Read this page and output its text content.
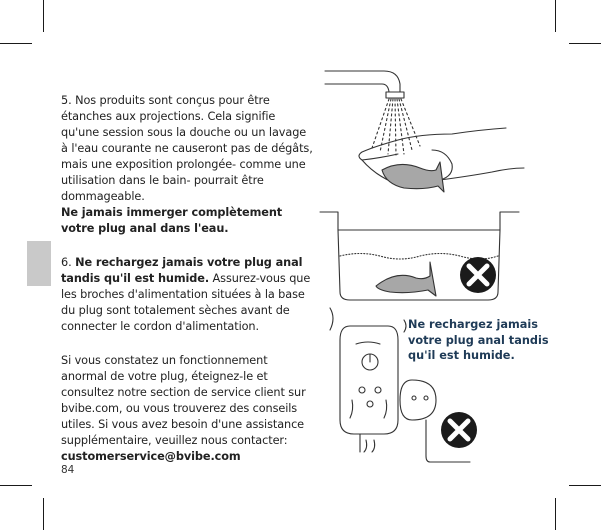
5. Nos produits sont conçus pour être étanches aux projections. Cela signifie qu'une session sous la douche ou un lavage à l'eau courante ne causeront pas de dégâts, mais une exposition prolongée- comme une utilisation dans le bain- pourrait être dommageable.
Ne jamais immerger complètement votre plug anal dans l'eau.

6. Ne rechargez jamais votre plug anal tandis qu'il est humide. Assurez-vous que les broches d'alimentation situées à la base du plug sont totalement sèches avant de connecter le cordon d'alimentation.

Si vous constatez un fonctionnement anormal de votre plug, éteignez-le et consultez notre section de service client sur bvibe.com, ou vous trouverez des conseils utiles. Si vous avez besoin d'une assistance supplémentaire, veuillez nous contacter: customerservice@bvibe.com

84
Ne rechargez jamais votre plug anal tandis qu'il est humide.
